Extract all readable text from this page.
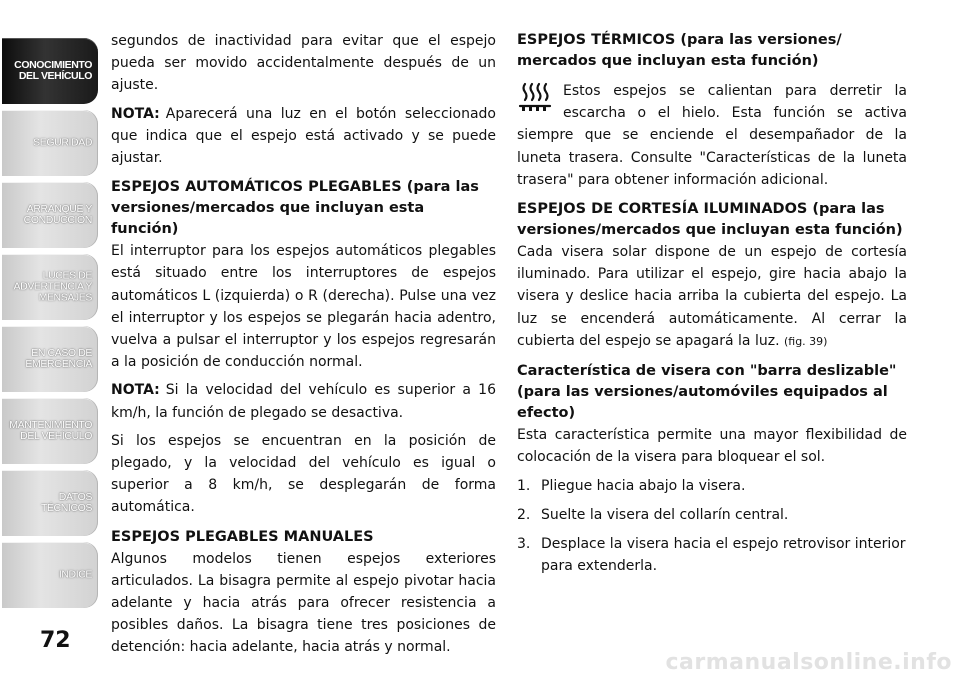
CONOCIMIENTO
DEL VEHÍCULO
SEGURIDAD
ARRANQUE Y
CONDUCCIÓN
LUCES DE
ADVERTENCIA Y
MENSAJES
EN CASO DE
EMERGENCIA
MANTENIMIENTO
DEL VEHÍCULO
DATOS
TÉCNICOS
INDICE
72

segundos de inactividad para evitar que el espejo pueda ser movido accidentalmente después de un ajuste.

NOTA: Aparecerá una luz en el botón seleccionado que indica que el espejo está activado y se puede ajustar.

ESPEJOS AUTOMÁTICOS PLEGABLES (para las versiones/mercados que incluyan esta función)

El interruptor para los espejos automáticos plegables está situado entre los interruptores de espejos automáticos L (izquierda) o R (derecha). Pulse una vez el interruptor y los espejos se plegarán hacia adentro, vuelva a pulsar el interruptor y los espejos regresarán a la posición de conducción normal.

NOTA: Si la velocidad del vehículo es superior a 16 km/h, la función de plegado se desactiva.

Si los espejos se encuentran en la posición de plegado, y la velocidad del vehículo es igual o superior a 8 km/h, se desplegarán de forma automática.

ESPEJOS PLEGABLES MANUALES

Algunos modelos tienen espejos exteriores articulados. La bisagra permite al espejo pivotar hacia adelante y hacia atrás para ofrecer resistencia a posibles daños. La bisagra tiene tres posiciones de detención: hacia adelante, hacia atrás y normal.

ESPEJOS TÉRMICOS (para las versiones/ mercados que incluyan esta función)

Estos espejos se calientan para derretir la escarcha o el hielo. Esta función se activa siempre que se enciende el desempañador de la luneta trasera. Consulte "Características de la luneta trasera" para obtener información adicional.

ESPEJOS DE CORTESÍA ILUMINADOS (para las versiones/mercados que incluyan esta función)

Cada visera solar dispone de un espejo de cortesía iluminado. Para utilizar el espejo, gire hacia abajo la visera y deslice hacia arriba la cubierta del espejo. La luz se encenderá automáticamente. Al cerrar la cubierta del espejo se apagará la luz. (fig. 39)

Característica de visera con "barra deslizable" (para las versiones/automóviles equipados al efecto)

Esta característica permite una mayor flexibilidad de colocación de la visera para bloquear el sol.

1. Pliegue hacia abajo la visera.
2. Suelte la visera del collarín central.
3. Desplace la visera hacia el espejo retrovisor interior para extenderla.
carmanualsonline.info
